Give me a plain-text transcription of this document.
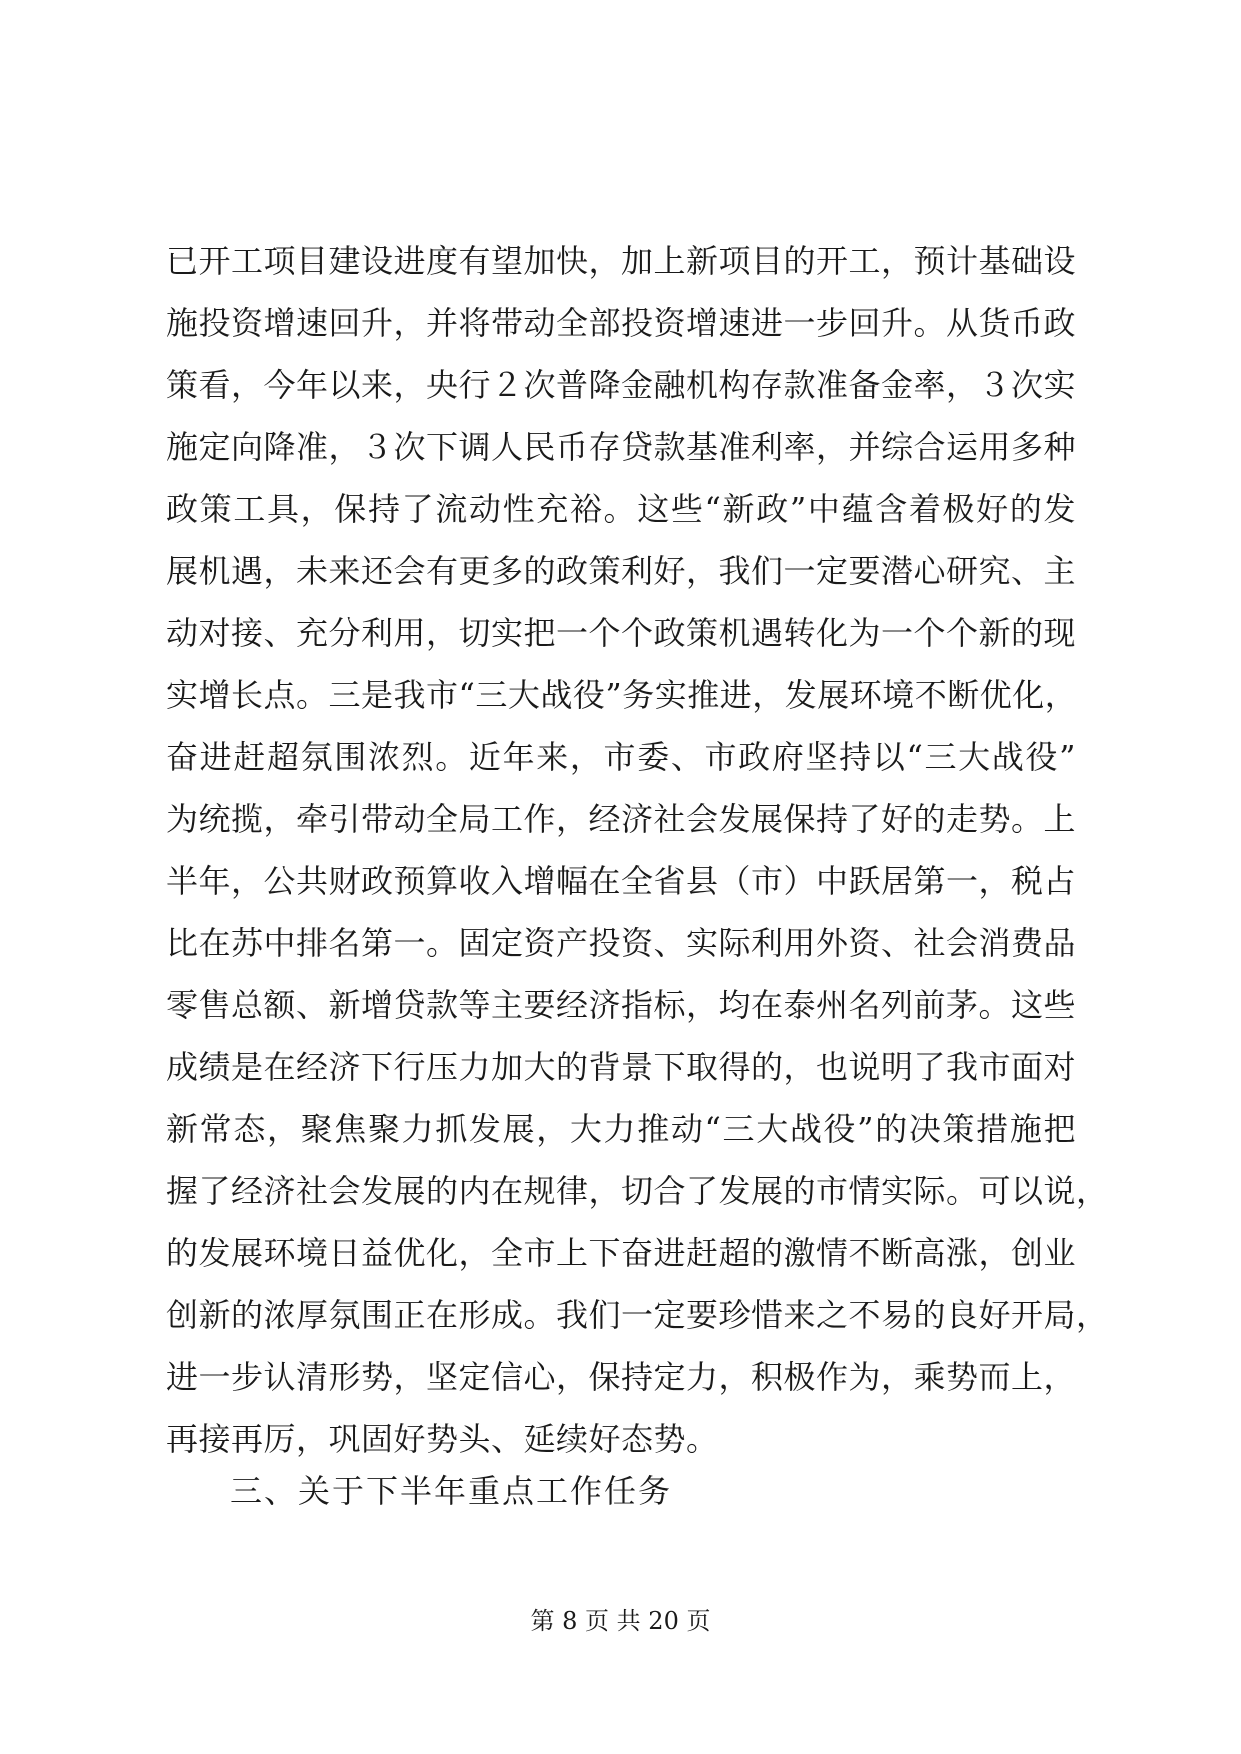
已开工项目建设进度有望加快，加上新项目的开工，预计基础设
施投资增速回升，并将带动全部投资增速进一步回升。从货币政
策看，今年以来，央行２次普降金融机构存款准备金率，３次实
施定向降准，３次下调人民币存贷款基准利率，并综合运用多种
政策工具，保持了流动性充裕。这些“新政”中蕴含着极好的发
展机遇，未来还会有更多的政策利好，我们一定要潜心研究、主
动对接、充分利用，切实把一个个政策机遇转化为一个个新的现
实增长点。三是我市“三大战役”务实推进，发展环境不断优化，
奋进赶超氛围浓烈。近年来，市委、市政府坚持以“三大战役”
为统揽，牵引带动全局工作，经济社会发展保持了好的走势。上
半年，公共财政预算收入增幅在全省县（市）中跃居第一，税占
比在苏中排名第一。固定资产投资、实际利用外资、社会消费品
零售总额、新增贷款等主要经济指标，均在泰州名列前茅。这些
成绩是在经济下行压力加大的背景下取得的，也说明了我市面对
新常态，聚焦聚力抓发展，大力推动“三大战役”的决策措施把
握了经济社会发展的内在规律，切合了发展的市情实际。可以说，
的发展环境日益优化，全市上下奋进赶超的激情不断高涨，创业
创新的浓厚氛围正在形成。我们一定要珍惜来之不易的良好开局，
进一步认清形势，坚定信心，保持定力，积极作为，乘势而上，
再接再厉，巩固好势头、延续好态势。
三、关于下半年重点工作任务
第 8 页 共 20 页
